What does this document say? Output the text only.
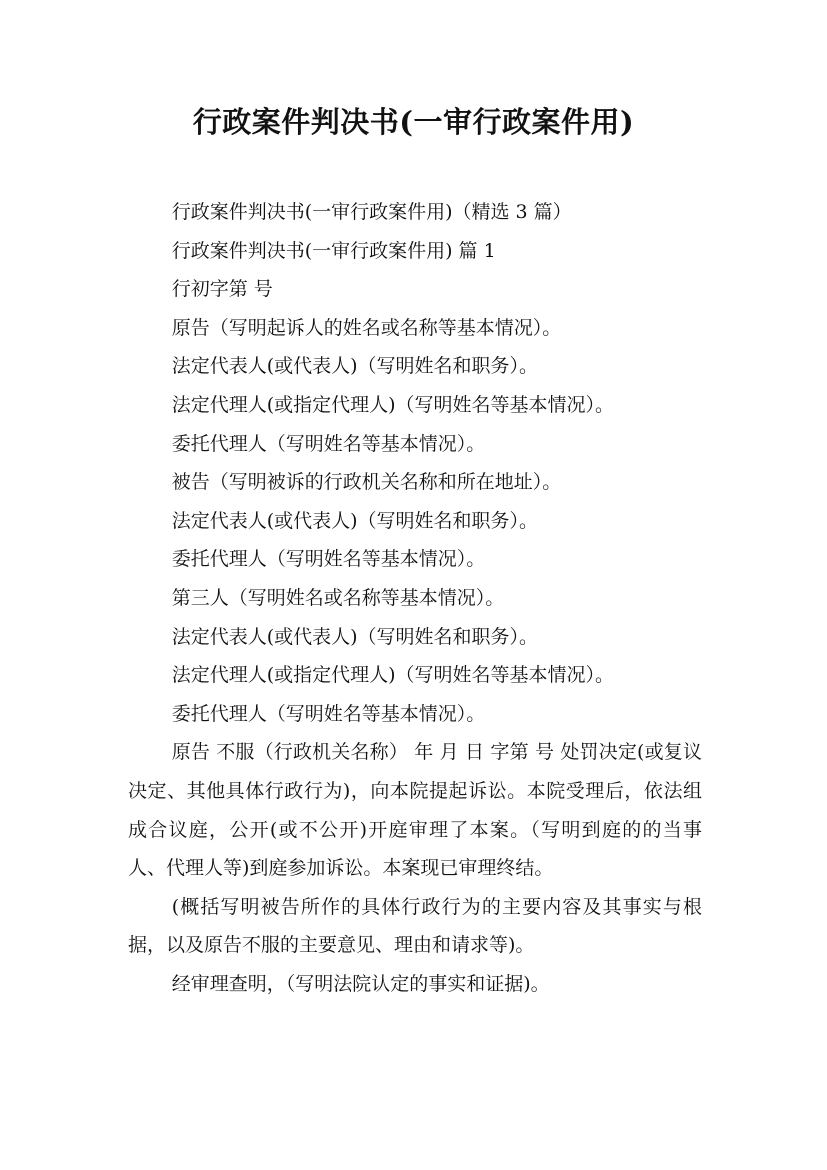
行政案件判决书(一审行政案件用)

行政案件判决书(一审行政案件用)（精选 3 篇）

行政案件判决书(一审行政案件用) 篇 1

行初字第 号

原告（写明起诉人的姓名或名称等基本情况）。

法定代表人(或代表人)（写明姓名和职务）。

法定代理人(或指定代理人)（写明姓名等基本情况）。

委托代理人（写明姓名等基本情况）。

被告（写明被诉的行政机关名称和所在地址）。

法定代表人(或代表人)（写明姓名和职务）。

委托代理人（写明姓名等基本情况）。

第三人（写明姓名或名称等基本情况）。

法定代表人(或代表人)（写明姓名和职务）。

法定代理人(或指定代理人)（写明姓名等基本情况）。

委托代理人（写明姓名等基本情况）。

原告 不服（行政机关名称） 年 月 日 字第 号 处罚决定(或复议决定、其他具体行政行为)，向本院提起诉讼。本院受理后，依法组成合议庭，公开(或不公开)开庭审理了本案。（写明到庭的的当事人、代理人等)到庭参加诉讼。本案现已审理终结。

(概括写明被告所作的具体行政行为的主要内容及其事实与根据，以及原告不服的主要意见、理由和请求等)。

经审理查明，（写明法院认定的事实和证据)。
